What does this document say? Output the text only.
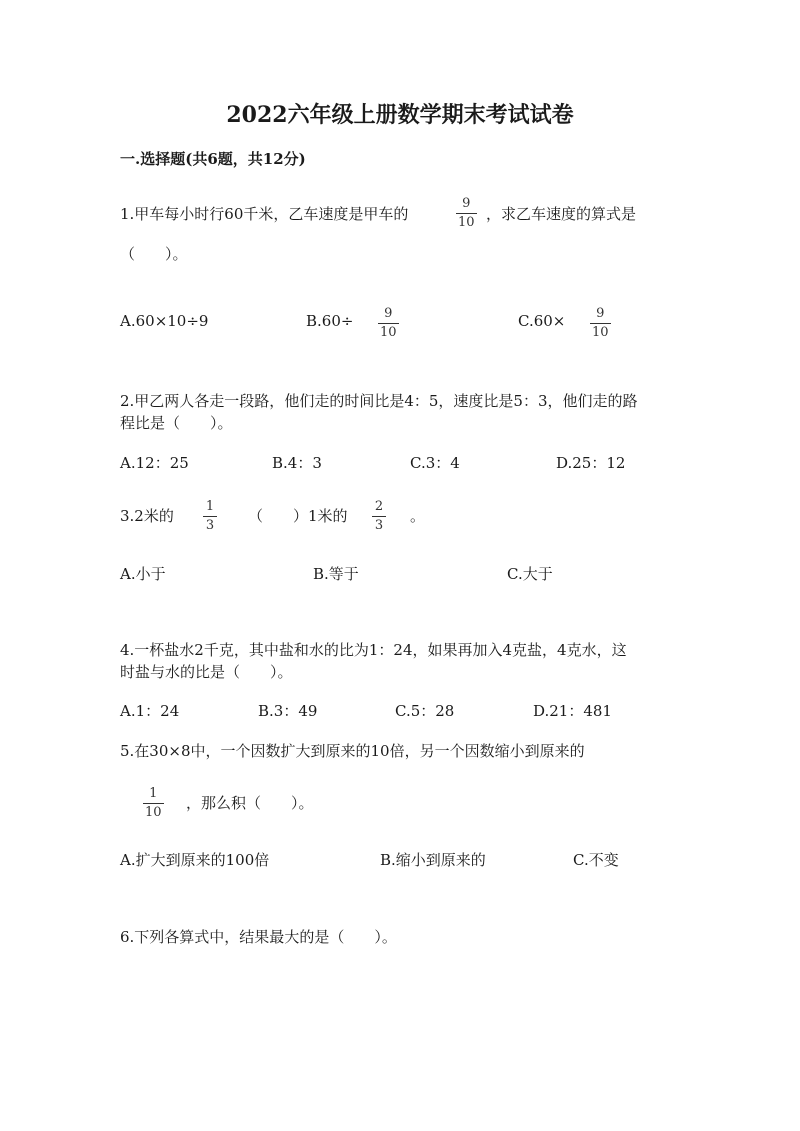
2022六年级上册数学期末考试试卷
一.选择题(共6题，共12分)
1.甲车每小时行60千米，乙车速度是甲车的
9
10 ，求乙车速度的算式是
（　　）。
A.60×10÷9	B.60÷ 9
10
C.60× 9
10
2.甲乙两人各走一段路，他们走的时间比是4：5，速度比是5：3，他们走的路
程比是（　　）。
A.12：25	B.4：3	C.3：4	D.25：12
3.2米的
1
3
（　　）1米的
2
3
。
A.小于	B.等于	C.大于
4.一杯盐水2千克，其中盐和水的比为1：24，如果再加入4克盐，4克水，这
时盐与水的比是（　　）。
A.1：24	B.3：49	C.5：28	D.21：481
5.在30×8中，一个因数扩大到原来的10倍，另一个因数缩小到原来的
1
10
，那么积（　　）。
A.扩大到原来的100倍	B.缩小到原来的	C.不变
6.下列各算式中，结果最大的是（　　）。
